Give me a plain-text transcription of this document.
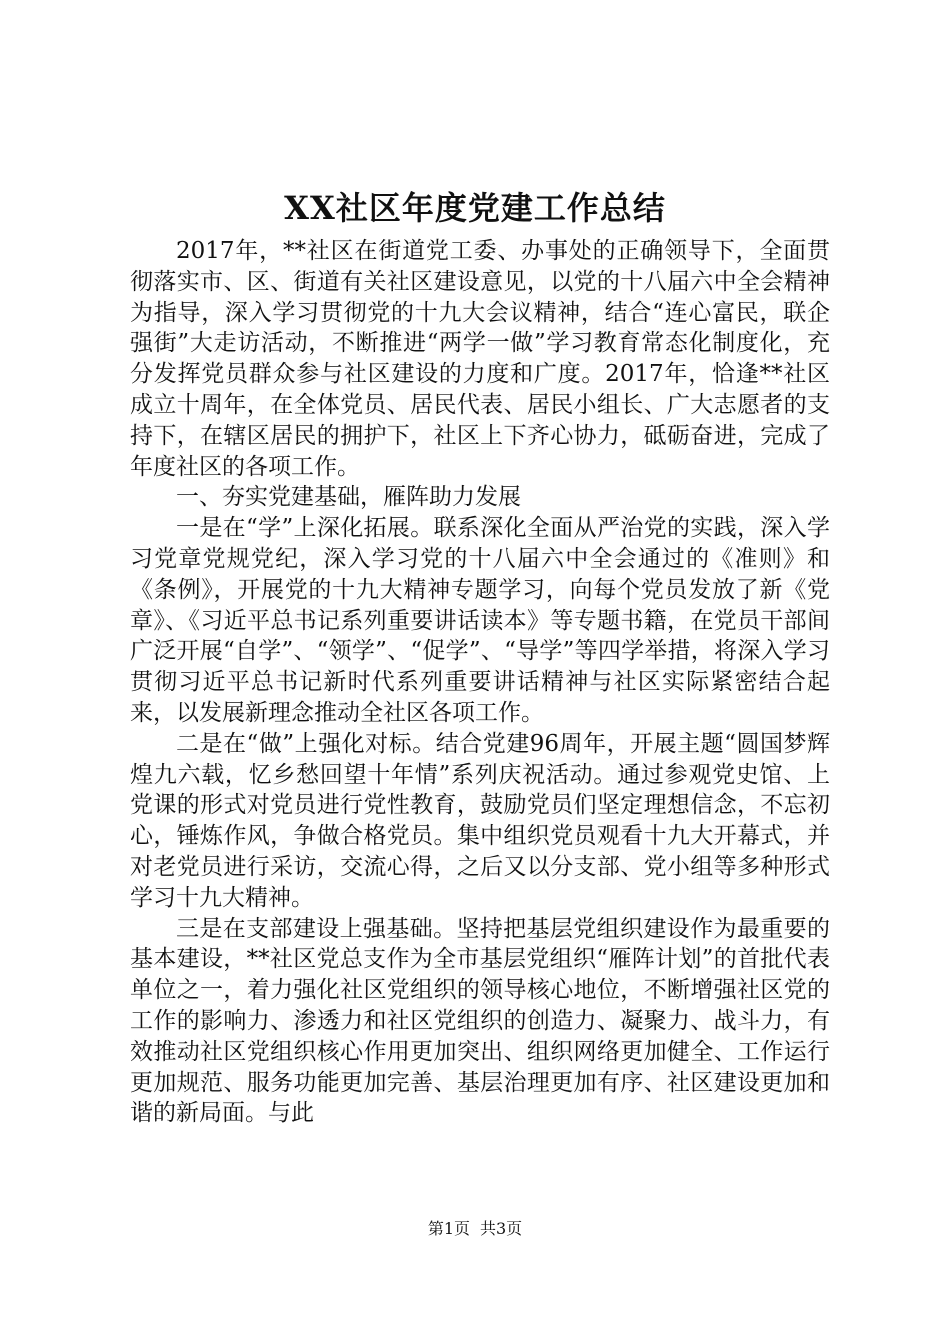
XX社区年度党建工作总结

2017年，**社区在街道党工委、办事处的正确领导下，全面贯彻落实市、区、街道有关社区建设意见，以党的十八届六中全会精神为指导，深入学习贯彻党的十九大会议精神，结合“连心富民，联企强街”大走访活动，不断推进“两学一做”学习教育常态化制度化，充分发挥党员群众参与社区建设的力度和广度。2017年，恰逢**社区成立十周年，在全体党员、居民代表、居民小组长、广大志愿者的支持下，在辖区居民的拥护下，社区上下齐心协力，砥砺奋进，完成了年度社区的各项工作。

一、夯实党建基础，雁阵助力发展

一是在“学”上深化拓展。联系深化全面从严治党的实践，深入学习党章党规党纪，深入学习党的十八届六中全会通过的《准则》和《条例》，开展党的十九大精神专题学习，向每个党员发放了新《党章》、《习近平总书记系列重要讲话读本》等专题书籍，在党员干部间广泛开展“自学”、“领学”、“促学”、“导学”等四学举措，将深入学习贯彻习近平总书记新时代系列重要讲话精神与社区实际紧密结合起来，以发展新理念推动全社区各项工作。

二是在“做”上强化对标。结合党建96周年，开展主题“圆国梦辉煌九六载，忆乡愁回望十年情”系列庆祝活动。通过参观党史馆、上党课的形式对党员进行党性教育，鼓励党员们坚定理想信念，不忘初心，锤炼作风，争做合格党员。集中组织党员观看十九大开幕式，并对老党员进行采访，交流心得，之后又以分支部、党小组等多种形式学习十九大精神。

三是在支部建设上强基础。坚持把基层党组织建设作为最重要的基本建设，**社区党总支作为全市基层党组织“雁阵计划”的首批代表单位之一，着力强化社区党组织的领导核心地位，不断增强社区党的工作的影响力、渗透力和社区党组织的创造力、凝聚力、战斗力，有效推动社区党组织核心作用更加突出、组织网络更加健全、工作运行更加规范、服务功能更加完善、基层治理更加有序、社区建设更加和谐的新局面。与此

第1页 共3页
